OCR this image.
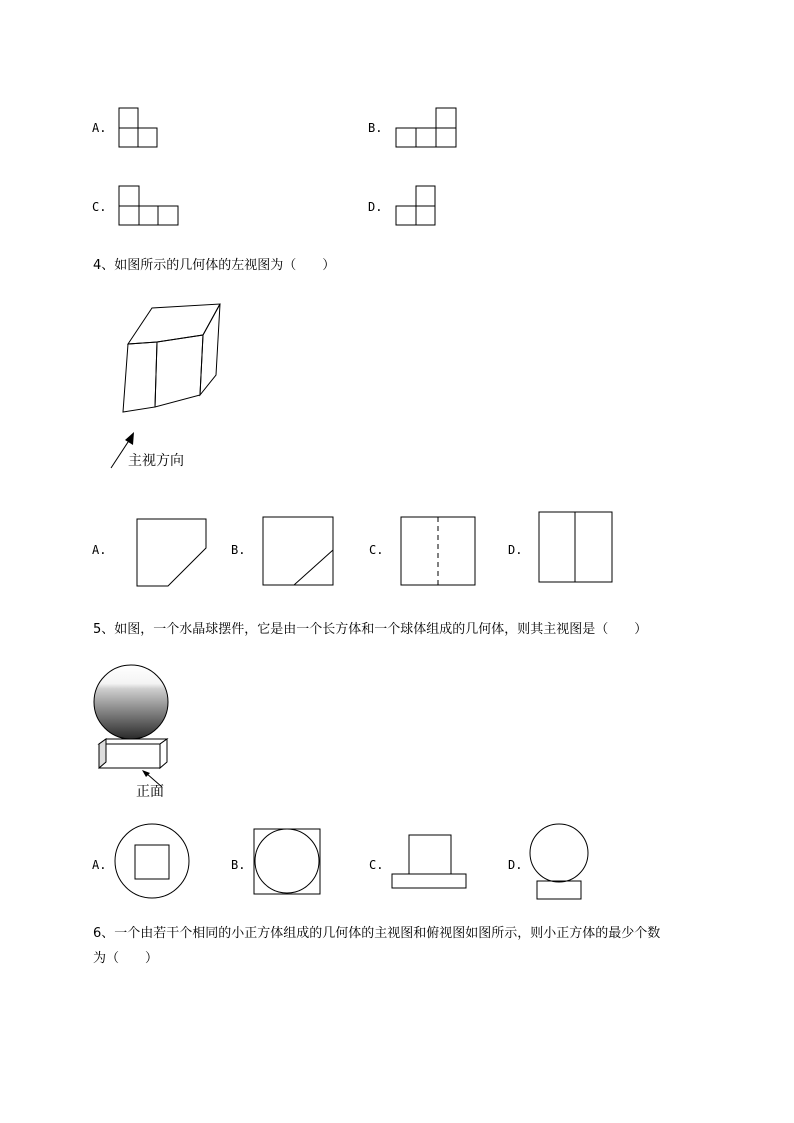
A.	B.
C.	D.
4、如图所示的几何体的左视图为（　　）
主视方向
A.	B.	C.	D.
5、如图，一个水晶球摆件，它是由一个长方体和一个球体组成的几何体，则其主视图是（　　）
正面
A.	B.	C.	D.
6、一个由若干个相同的小正方体组成的几何体的主视图和俯视图如图所示，则小正方体的最少个数
为（　　）
